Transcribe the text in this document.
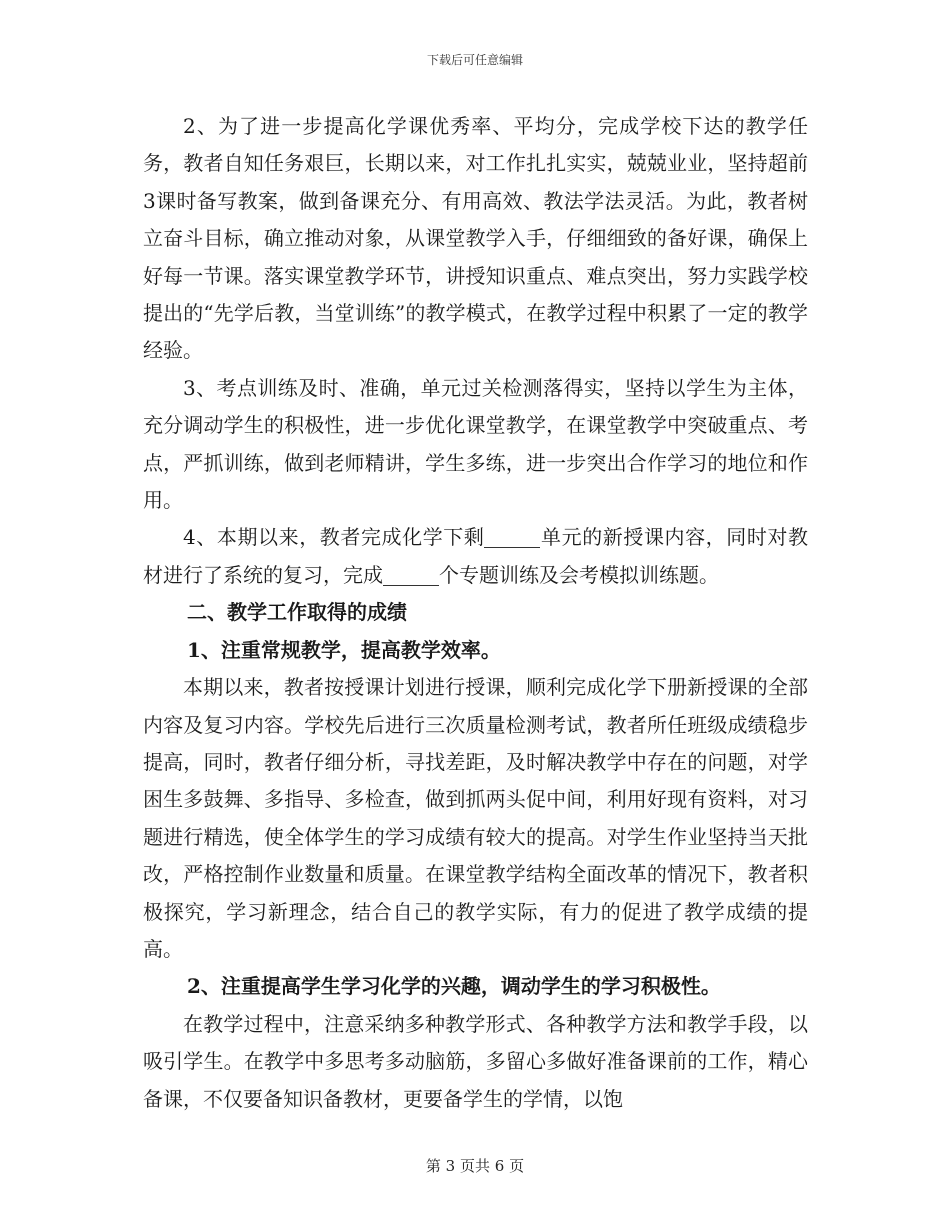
下载后可任意编辑

2、为了进一步提高化学课优秀率、平均分，完成学校下达的教学任务，教者自知任务艰巨，长期以来，对工作扎扎实实，兢兢业业，坚持超前3课时备写教案，做到备课充分、有用高效、教法学法灵活。为此，教者树立奋斗目标，确立推动对象，从课堂教学入手，仔细细致的备好课，确保上好每一节课。落实课堂教学环节，讲授知识重点、难点突出，努力实践学校提出的“先学后教，当堂训练”的教学模式，在教学过程中积累了一定的教学经验。

3、考点训练及时、准确，单元过关检测落得实，坚持以学生为主体，充分调动学生的积极性，进一步优化课堂教学，在课堂教学中突破重点、考点，严抓训练，做到老师精讲，学生多练，进一步突出合作学习的地位和作用。

4、本期以来，教者完成化学下剩	单元的新授课内容，同时对教材进行了系统的复习，完成	个专题训练及会考模拟训练题。

二、教学工作取得的成绩

1、注重常规教学，提高教学效率。

本期以来，教者按授课计划进行授课，顺利完成化学下册新授课的全部内容及复习内容。学校先后进行三次质量检测考试，教者所任班级成绩稳步提高，同时，教者仔细分析，寻找差距，及时解决教学中存在的问题，对学困生多鼓舞、多指导、多检查，做到抓两头促中间，利用好现有资料，对习题进行精选，使全体学生的学习成绩有较大的提高。对学生作业坚持当天批改，严格控制作业数量和质量。在课堂教学结构全面改革的情况下，教者积极探究，学习新理念，结合自己的教学实际，有力的促进了教学成绩的提高。

2、注重提高学生学习化学的兴趣，调动学生的学习积极性。

在教学过程中，注意采纳多种教学形式、各种教学方法和教学手段，以吸引学生。在教学中多思考多动脑筋，多留心多做好准备课前的工作，精心备课，不仅要备知识备教材，更要备学生的学情，以饱

第 3 页共 6 页
